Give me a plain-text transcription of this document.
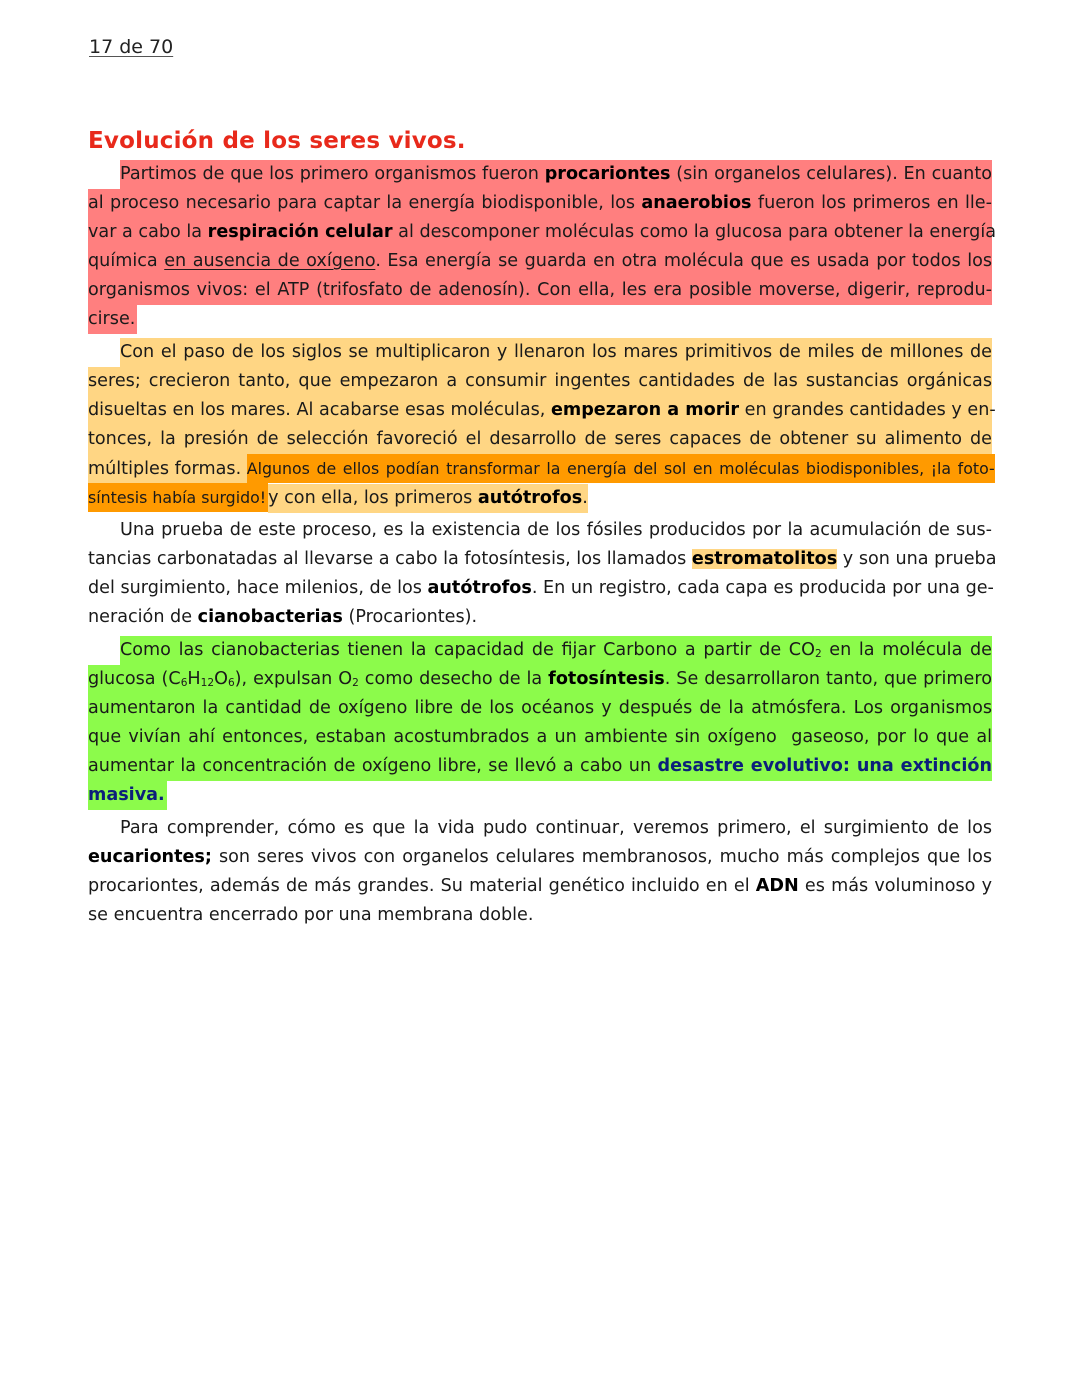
17 de 70
Evolución de los seres vivos.
Partimos de que los primero organismos fueron procariontes (sin organelos celulares). En cuanto
al proceso necesario para captar la energía biodisponible, los anaerobios fueron los primeros en lle-
var a cabo la respiración celular al descomponer moléculas como la glucosa para obtener la energía
química en ausencia de oxígeno. Esa energía se guarda en otra molécula que es usada por todos los
organismos vivos: el ATP (trifosfato de adenosín). Con ella, les era posible moverse, digerir, reprodu-
cirse.
Con el paso de los siglos se multiplicaron y llenaron los mares primitivos de miles de millones de
seres; crecieron tanto, que empezaron a consumir ingentes cantidades de las sustancias orgánicas
disueltas en los mares. Al acabarse esas moléculas, empezaron a morir en grandes cantidades y en-
tonces, la presión de selección favoreció el desarrollo de seres capaces de obtener su alimento de
múltiples formas. Algunos de ellos podían transformar la energía del sol en moléculas biodisponibles, ¡la foto-
síntesis había surgido!y con ella, los primeros autótrofos.
Una prueba de este proceso, es la existencia de los fósiles producidos por la acumulación de sus-
tancias carbonatadas al llevarse a cabo la fotosíntesis, los llamados estromatolitos y son una prueba
del surgimiento, hace milenios, de los autótrofos. En un registro, cada capa es producida por una ge-
neración de cianobacterias (Procariontes).
Como las cianobacterias tienen la capacidad de fijar Carbono a partir de $CO_2$ en la molécula de
glucosa $(C_6H_{12}O_6)$, expulsan $O_2$ como desecho de la fotosíntesis. Se desarrollaron tanto, que primero
aumentaron la cantidad de oxígeno libre de los océanos y después de la atmósfera. Los organismos
que vivían ahí entonces, estaban acostumbrados a un ambiente sin oxígeno  gaseoso, por lo que al
aumentar la concentración de oxígeno libre, se llevó a cabo un desastre evolutivo: una extinción
masiva.
Para comprender, cómo es que la vida pudo continuar, veremos primero, el surgimiento de los
eucariontes; son seres vivos con organelos celulares membranosos, mucho más complejos que los
procariontes, además de más grandes. Su material genético incluido en el ADN es más voluminoso y
se encuentra encerrado por una membrana doble.
